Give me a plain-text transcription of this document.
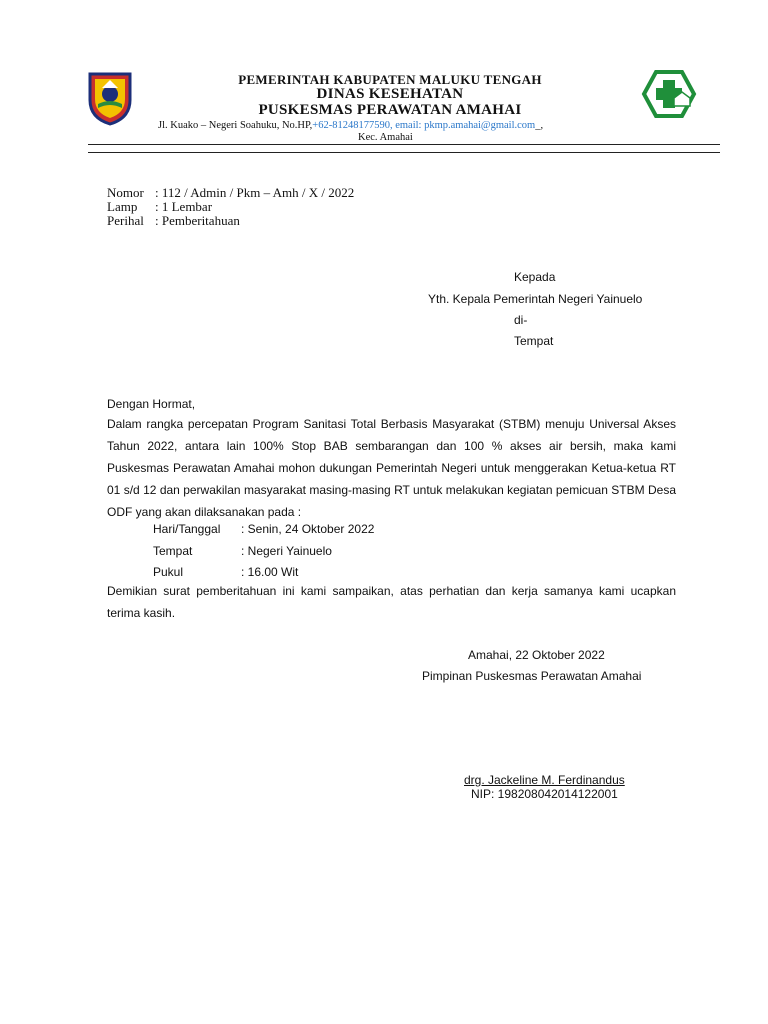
PEMERINTAH KABUPATEN MALUKU TENGAH
DINAS KESEHATAN
PUSKESMAS PERAWATAN AMAHAI
Jl. Kuako – Negeri Soahuku, No.HP,+62-81248177590, email: pkmp.amahai@gmail.com_,
Kec. Amahai
Nomor : 112 / Admin / Pkm – Amh / X / 2022
Lamp : 1 Lembar
Perihal : Pemberitahuan
Kepada
Yth. Kepala Pemerintah Negeri Yainuelo
di-
Tempat
Dengan Hormat,
Dalam rangka percepatan Program Sanitasi Total Berbasis Masyarakat (STBM) menuju Universal Akses Tahun 2022, antara lain 100% Stop BAB sembarangan dan 100 % akses air bersih, maka kami Puskesmas Perawatan Amahai mohon dukungan Pemerintah Negeri untuk menggerakan Ketua-ketua RT 01 s/d 12 dan perwakilan masyarakat masing-masing RT untuk melakukan kegiatan pemicuan STBM Desa ODF yang akan dilaksanakan pada :
Hari/Tanggal : Senin, 24 Oktober 2022
Tempat	: Negeri Yainuelo
Pukul	: 16.00 Wit
Demikian surat pemberitahuan ini kami sampaikan, atas perhatian dan kerja samanya kami ucapkan terima kasih.
Amahai, 22 Oktober 2022
Pimpinan Puskesmas Perawatan Amahai
drg. Jackeline M. Ferdinandus
NIP: 198208042014122001
